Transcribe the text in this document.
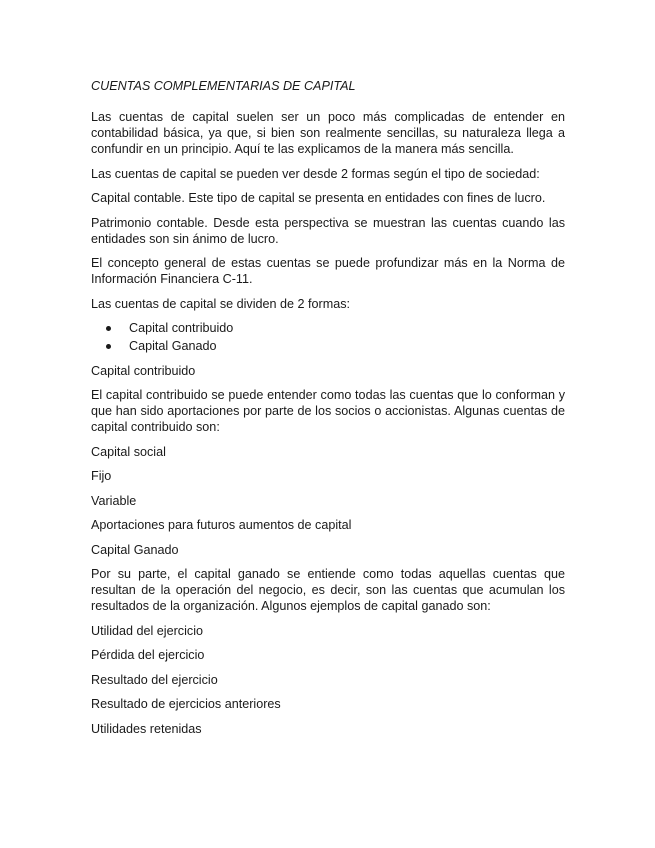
CUENTAS COMPLEMENTARIAS DE CAPITAL

Las cuentas de capital suelen ser un poco más complicadas de entender en contabilidad básica, ya que, si bien son realmente sencillas, su naturaleza llega a confundir en un principio. Aquí te las explicamos de la manera más sencilla.

Las cuentas de capital se pueden ver desde 2 formas según el tipo de sociedad:

Capital contable. Este tipo de capital se presenta en entidades con fines de lucro.

Patrimonio contable. Desde esta perspectiva se muestran las cuentas cuando las entidades son sin ánimo de lucro.

El concepto general de estas cuentas se puede profundizar más en la Norma de Información Financiera C-11.

Las cuentas de capital se dividen de 2 formas:

Capital contribuido
Capital Ganado

Capital contribuido

El capital contribuido se puede entender como todas las cuentas que lo conforman y que han sido aportaciones por parte de los socios o accionistas. Algunas cuentas de capital contribuido son:

Capital social

Fijo

Variable

Aportaciones para futuros aumentos de capital

Capital Ganado

Por su parte, el capital ganado se entiende como todas aquellas cuentas que resultan de la operación del negocio, es decir, son las cuentas que acumulan los resultados de la organización. Algunos ejemplos de capital ganado son:

Utilidad del ejercicio

Pérdida del ejercicio

Resultado del ejercicio

Resultado de ejercicios anteriores

Utilidades retenidas
